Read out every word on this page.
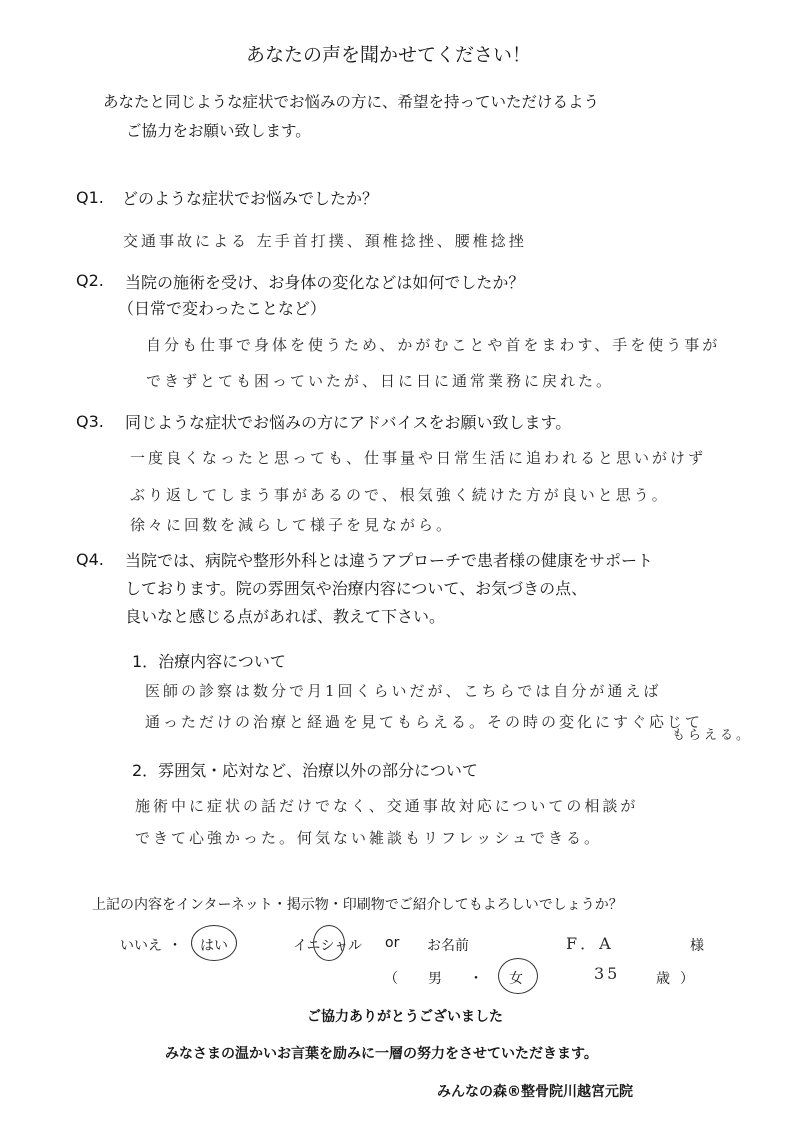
あなたの声を聞かせてください！
あなたと同じような症状でお悩みの方に、希望を持っていただけるよう
ご協力をお願い致します。
Q1. どのような症状でお悩みでしたか？
交通事故による 左手首打撲、頚椎捻挫、腰椎捻挫
Q2. 当院の施術を受け、お身体の変化などは如何でしたか？
（日常で変わったことなど）
自分も仕事で身体を使うため、かがむことや首をまわす、手を使う事が
できずとても困っていたが、日に日に通常業務に戻れた。
Q3. 同じような症状でお悩みの方にアドバイスをお願い致します。
一度良くなったと思っても、仕事量や日常生活に追われると思いがけず
ぶり返してしまう事があるので、根気強く続けた方が良いと思う。
徐々に回数を減らして様子を見ながら。
Q4. 当院では、病院や整形外科とは違うアプローチで患者様の健康をサポート
しております。院の雰囲気や治療内容について、お気づきの点、
良いなと感じる点があれば、教えて下さい。
1．治療内容について
医師の診察は数分で月1回くらいだが、こちらでは自分が通えば
通っただけの治療と経過を見てもらえる。その時の変化にすぐ応じて
もらえる。
2．雰囲気・応対など、治療以外の部分について
施術中に症状の話だけでなく、交通事故対応についての相談が
できて心強かった。何気ない雑談もリフレッシュできる。
上記の内容をインターネット・掲示物・印刷物でご紹介してもよろしいでしょうか？
いいえ ・ はい	イニシャル or お名前	F．A	様
（ 男 ・ 女	35	歳 ）
ご協力ありがとうございました
みなさまの温かいお言葉を励みに一層の努力をさせていただきます。
みんなの森®整骨院川越宮元院
